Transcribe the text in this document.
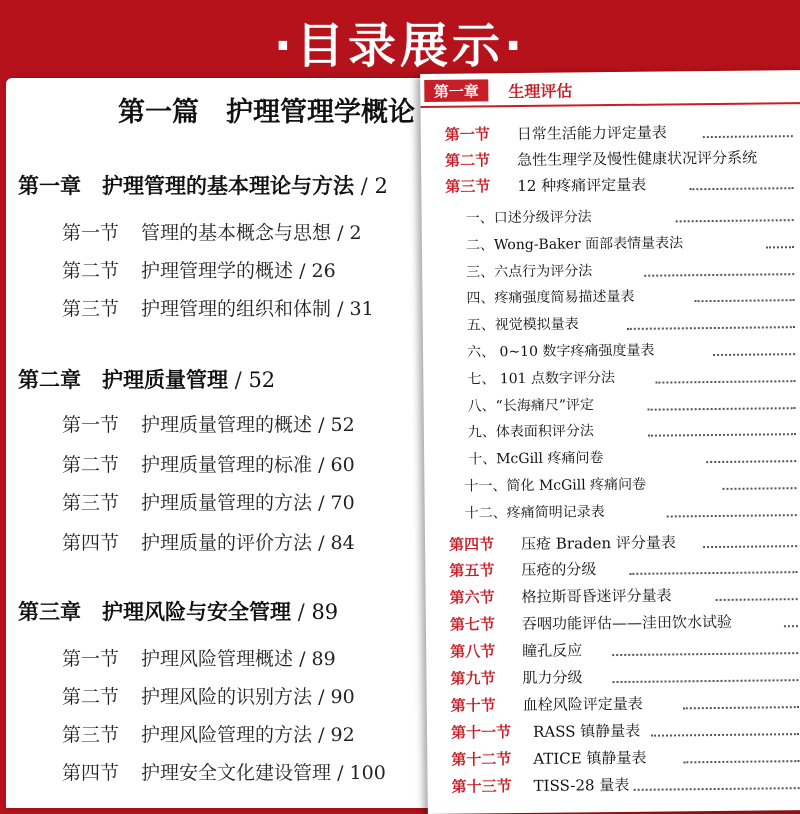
·目录展示·
第一篇　护理管理学概论
第一章　护理管理的基本理论与方法 / 2
第一节 管理的基本概念与思想 / 2
第二节 护理管理学的概述 / 26
第三节 护理管理的组织和体制 / 31
第二章　护理质量管理 / 52
第一节 护理质量管理的概述 / 52
第二节 护理质量管理的标准 / 60
第三节 护理质量管理的方法 / 70
第四节 护理质量的评价方法 / 84
第三章　护理风险与安全管理 / 89
第一节 护理风险管理概述 / 89
第二节 护理风险的识别方法 / 90
第三节 护理风险管理的方法 / 92
第四节 护理安全文化建设管理 / 100
第一章	生理评估
第一节 日常生活能力评定量表
第二节 急性生理学及慢性健康状况评分系统
第三节 12 种疼痛评定量表
一、口述分级评分法
二、Wong-Baker 面部表情量表法
三、六点行为评分法
四、疼痛强度简易描述量表
五、视觉模拟量表
六、 0~10 数字疼痛强度量表
七、 101 点数字评分法
八、“长海痛尺”评定
九、体表面积评分法
十、McGill 疼痛问卷
十一、简化 McGill 疼痛问卷
十二、疼痛简明记录表
第四节 压疮 Braden 评分量表
第五节 压疮的分级
第六节 格拉斯哥昏迷评分量表
第七节 吞咽功能评估——洼田饮水试验
第八节 瞳孔反应
第九节 肌力分级
第十节 血栓风险评定量表
第十一节 RASS 镇静量表
第十二节 ATICE 镇静量表
第十三节 TISS-28 量表
